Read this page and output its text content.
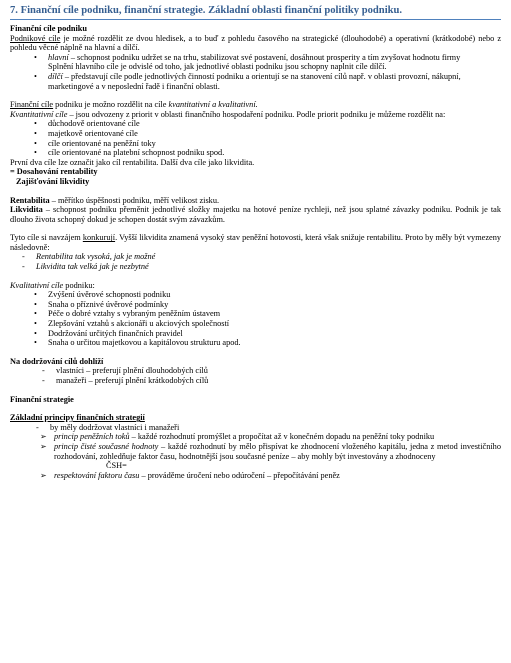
7. Finanční cíle podniku, finanční strategie. Základní oblasti finanční politiky podniku.

Finanční cíle podniku

Podnikové cíle je možné rozdělit ze dvou hledisek, a to buď z pohledu časového na strategické (dlouhodobé) a operativní (krátkodobé) nebo z pohledu věcné náplně na hlavní a dílčí.

• hlavní – schopnost podniku udržet se na trhu, stabilizovat své postavení, dosáhnout prosperity a tím zvyšovat hodnotu firmy
Splnění hlavního cíle je odvislé od toho, jak jednotlivé oblasti podniku jsou schopny naplnit cíle dílčí.
• dílčí – představují cíle podle jednotlivých činností podniku a orientují se na stanovení cílů např. v oblasti provozní, nákupní, marketingové a v neposlední řadě i finanční oblasti.

Finanční cíle podniku je možno rozdělit na cíle kvantitativní a kvalitativní.

Kvantitativní cíle – jsou odvozeny z priorit v oblasti finančního hospodaření podniku. Podle priorit podniku je můžeme rozdělit na:

• důchodově orientované cíle
• majetkově orientované cíle
• cíle orientované na peněžní toky
• cíle orientované na platební schopnost podniku spod.

První dva cíle lze označit jako cíl rentabilita. Další dva cíle jako likvidita.

= Dosahování rentability

Zajišťování likvidity

Rentabilita – měřítko úspěšnosti podniku, měří velikost zisku.

Likvidita – schopnost podniku přeměnit jednotlivé složky majetku na hotové peníze rychleji, než jsou splatné závazky podniku. Podnik je tak dlouho života schopný dokud je schopen dostát svým závazkům.

Tyto cíle si navzájem konkurují. Vyšší likvidita znamená vysoký stav peněžní hotovosti, která však snižuje rentabilitu. Proto by měly být vymezeny následovně:

- Rentabilita tak vysoká, jak je možné
- Likvidita tak velká jak je nezbytné

Kvalitativní cíle podniku:

• Zvýšení úvěrové schopnosti podniku
• Snaha o příznivé úvěrové podmínky
• Péče o dobré vztahy s vybraným peněžním ústavem
• Zlepšování vztahů s akcionáři u akciových společností
• Dodržování určitých finančních pravidel
• Snaha o určitou majetkovou a kapitálovou strukturu apod.

Na dodržování cílů dohlíží

- vlastníci – preferují plnění dlouhodobých cílů
- manažeři – preferují plnění krátkodobých cílů

Finanční strategie

Základní principy finančních strategií

- by měly dodržovat vlastníci i manažeři
➢ princip peněžních toků – každé rozhodnutí promýšlet a propočítat až v konečném dopadu na peněžní toky podniku
➢ princip čisté současné hodnoty – každé rozhodnutí by mělo přispívat ke zhodnocení vloženého kapitálu, jedna z metod investičního rozhodování, zohledňuje faktor času, hodnotnější jsou současné peníze – aby mohly být investovány a zhodnoceny

ČSH=

➢ respektování faktoru času – prováděme úročení nebo odúročení – přepočítávání peněz
